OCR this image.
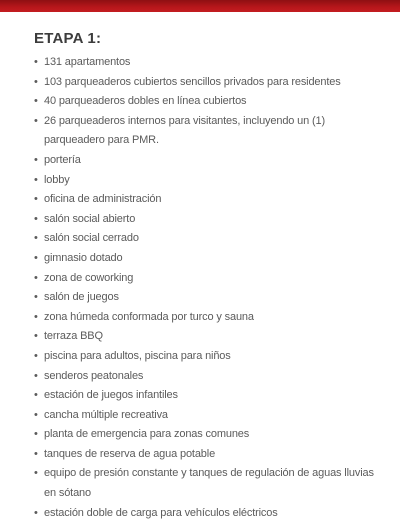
ETAPA 1:
• 131 apartamentos
• 103 parqueaderos cubiertos sencillos privados para residentes
• 40 parqueaderos dobles en línea cubiertos
• 26 parqueaderos internos para visitantes, incluyendo un (1) parqueadero para PMR.
• portería
• lobby
• oficina de administración
• salón social abierto
• salón social cerrado
• gimnasio dotado
• zona de coworking
• salón de juegos
• zona húmeda conformada por turco y sauna
• terraza BBQ
• piscina para adultos, piscina para niños
• senderos peatonales
• estación de juegos infantiles
• cancha múltiple recreativa
• planta de emergencia para zonas comunes
• tanques de reserva de agua potable
• equipo de presión constante y tanques de regulación de aguas lluvias en sótano
• estación doble de carga para vehículos eléctricos
